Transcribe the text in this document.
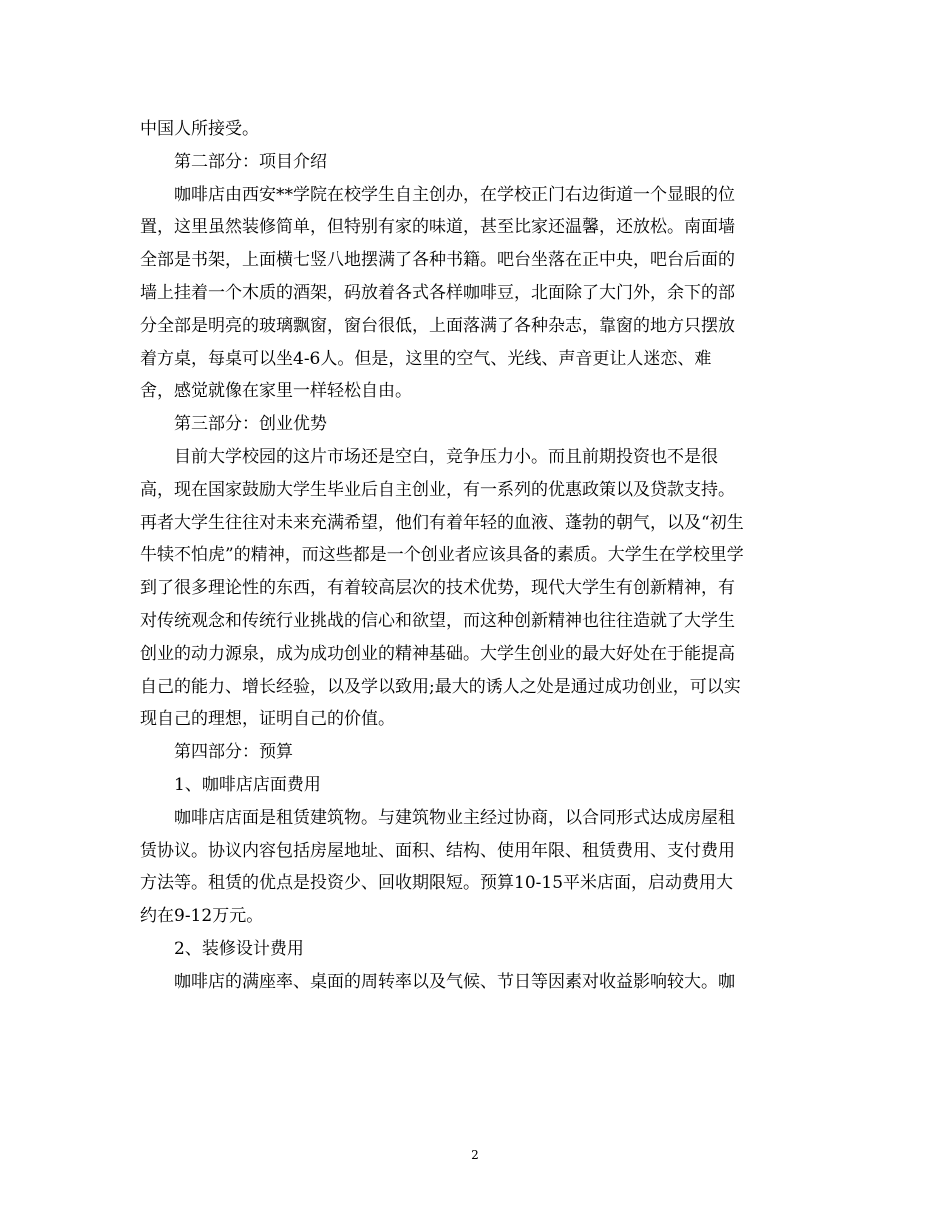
中国人所接受。
第二部分：项目介绍
咖啡店由西安**学院在校学生自主创办，在学校正门右边街道一个显眼的位
置，这里虽然装修简单，但特别有家的味道，甚至比家还温馨，还放松。南面墙
全部是书架，上面横七竖八地摆满了各种书籍。吧台坐落在正中央，吧台后面的
墙上挂着一个木质的酒架，码放着各式各样咖啡豆，北面除了大门外，余下的部
分全部是明亮的玻璃飘窗，窗台很低，上面落满了各种杂志，靠窗的地方只摆放
着方桌，每桌可以坐4-6人。但是，这里的空气、光线、声音更让人迷恋、难
舍，感觉就像在家里一样轻松自由。
第三部分：创业优势
目前大学校园的这片市场还是空白，竞争压力小。而且前期投资也不是很
高，现在国家鼓励大学生毕业后自主创业，有一系列的优惠政策以及贷款支持。
再者大学生往往对未来充满希望，他们有着年轻的血液、蓬勃的朝气，以及“初生
牛犊不怕虎”的精神，而这些都是一个创业者应该具备的素质。大学生在学校里学
到了很多理论性的东西，有着较高层次的技术优势，现代大学生有创新精神，有
对传统观念和传统行业挑战的信心和欲望，而这种创新精神也往往造就了大学生
创业的动力源泉，成为成功创业的精神基础。大学生创业的最大好处在于能提高
自己的能力、增长经验，以及学以致用;最大的诱人之处是通过成功创业，可以实
现自己的理想，证明自己的价值。
第四部分：预算
1、咖啡店店面费用
咖啡店店面是租赁建筑物。与建筑物业主经过协商，以合同形式达成房屋租
赁协议。协议内容包括房屋地址、面积、结构、使用年限、租赁费用、支付费用
方法等。租赁的优点是投资少、回收期限短。预算10-15平米店面，启动费用大
约在9-12万元。
2、装修设计费用
咖啡店的满座率、桌面的周转率以及气候、节日等因素对收益影响较大。咖
2
